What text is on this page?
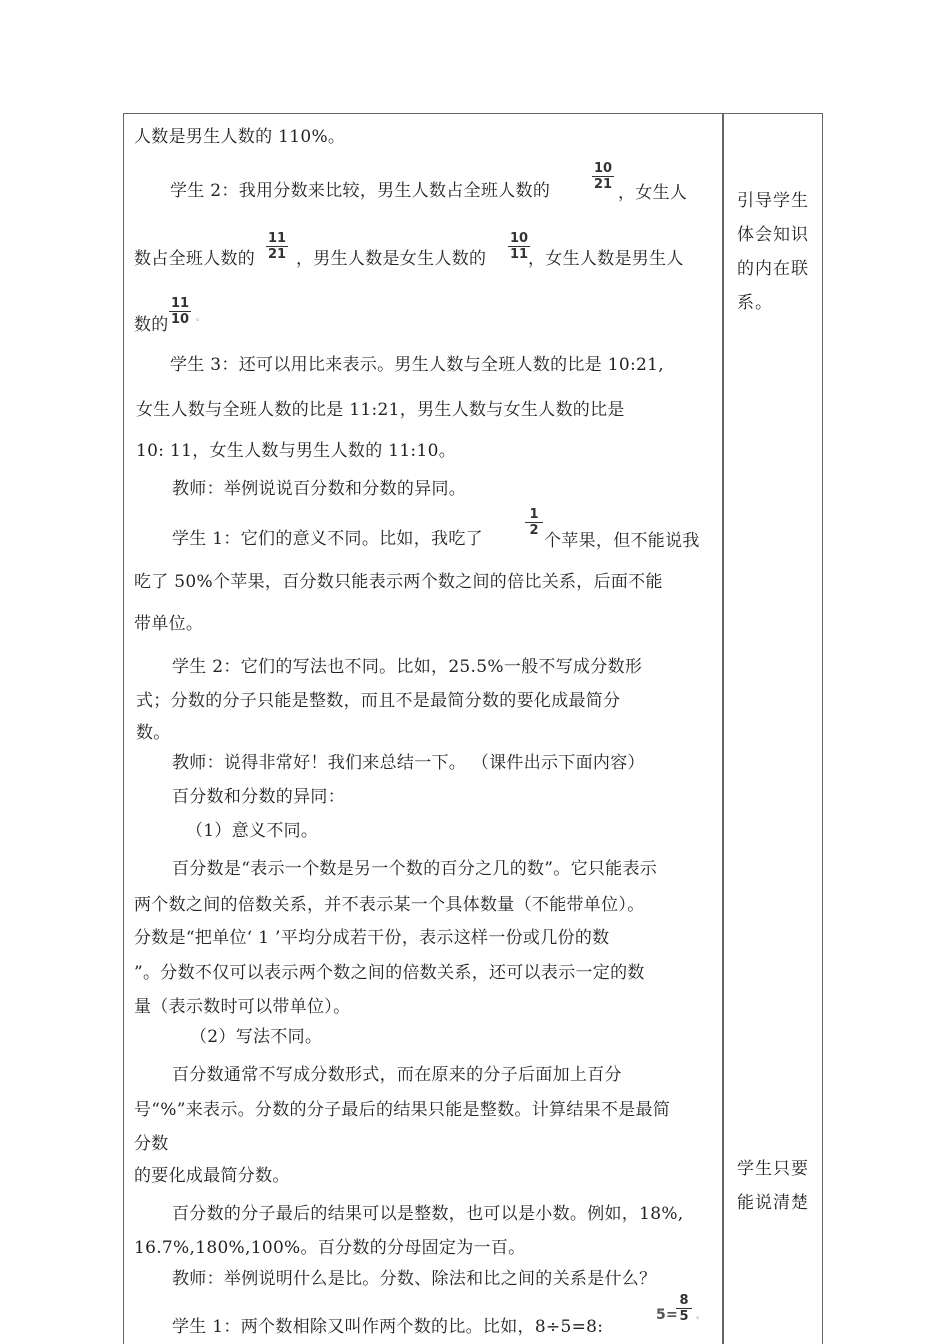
人数是男生人数的 110%。
学生 2：我用分数来比较，男生人数占全班人数的
10
21 ，女生人
数占全班人数的
11
21 ，男生人数是女生人数的
10
11 ，女生人数是男生人
数的
11
10 。
学生 3：还可以用比来表示。男生人数与全班人数的比是 10:21,
女生人数与全班人数的比是 11:21，男生人数与女生人数的比是
10: 11，女生人数与男生人数的 11:10。
教师：举例说说百分数和分数的异同。
学生 1：它们的意义不同。比如，我吃了
1
2
个苹果，但不能说我
吃了 50%个苹果，百分数只能表示两个数之间的倍比关系，后面不能
带单位。
学生 2：它们的写法也不同。比如，25.5%一般不写成分数形
式；分数的分子只能是整数，而且不是最简分数的要化成最简分
数。
教师：说得非常好！我们来总结一下。 （课件出示下面内容）
百分数和分数的异同：
（1）意义不同。
百分数是“表示一个数是另一个数的百分之几的数”。它只能表示
两个数之间的倍数关系，并不表示某一个具体数量（不能带单位）。
分数是“把单位‘ 1 ’平均分成若干份，表示这样一份或几份的数
”。分数不仅可以表示两个数之间的倍数关系，还可以表示一定的数
量（表示数时可以带单位）。
（2）写法不同。
百分数通常不写成分数形式，而在原来的分子后面加上百分
号“%”来表示。分数的分子最后的结果只能是整数。计算结果不是最简
分数
的要化成最简分数。
百分数的分子最后的结果可以是整数，也可以是小数。例如，18%,
16.7%,180%,100%。百分数的分母固定为一百。
教师：举例说明什么是比。分数、除法和比之间的关系是什么？
学生 1：两个数相除又叫作两个数的比。比如，8÷5=8:
5=
8
5 。
引导学生体会知识的内在联系。
学生只要能说清楚
